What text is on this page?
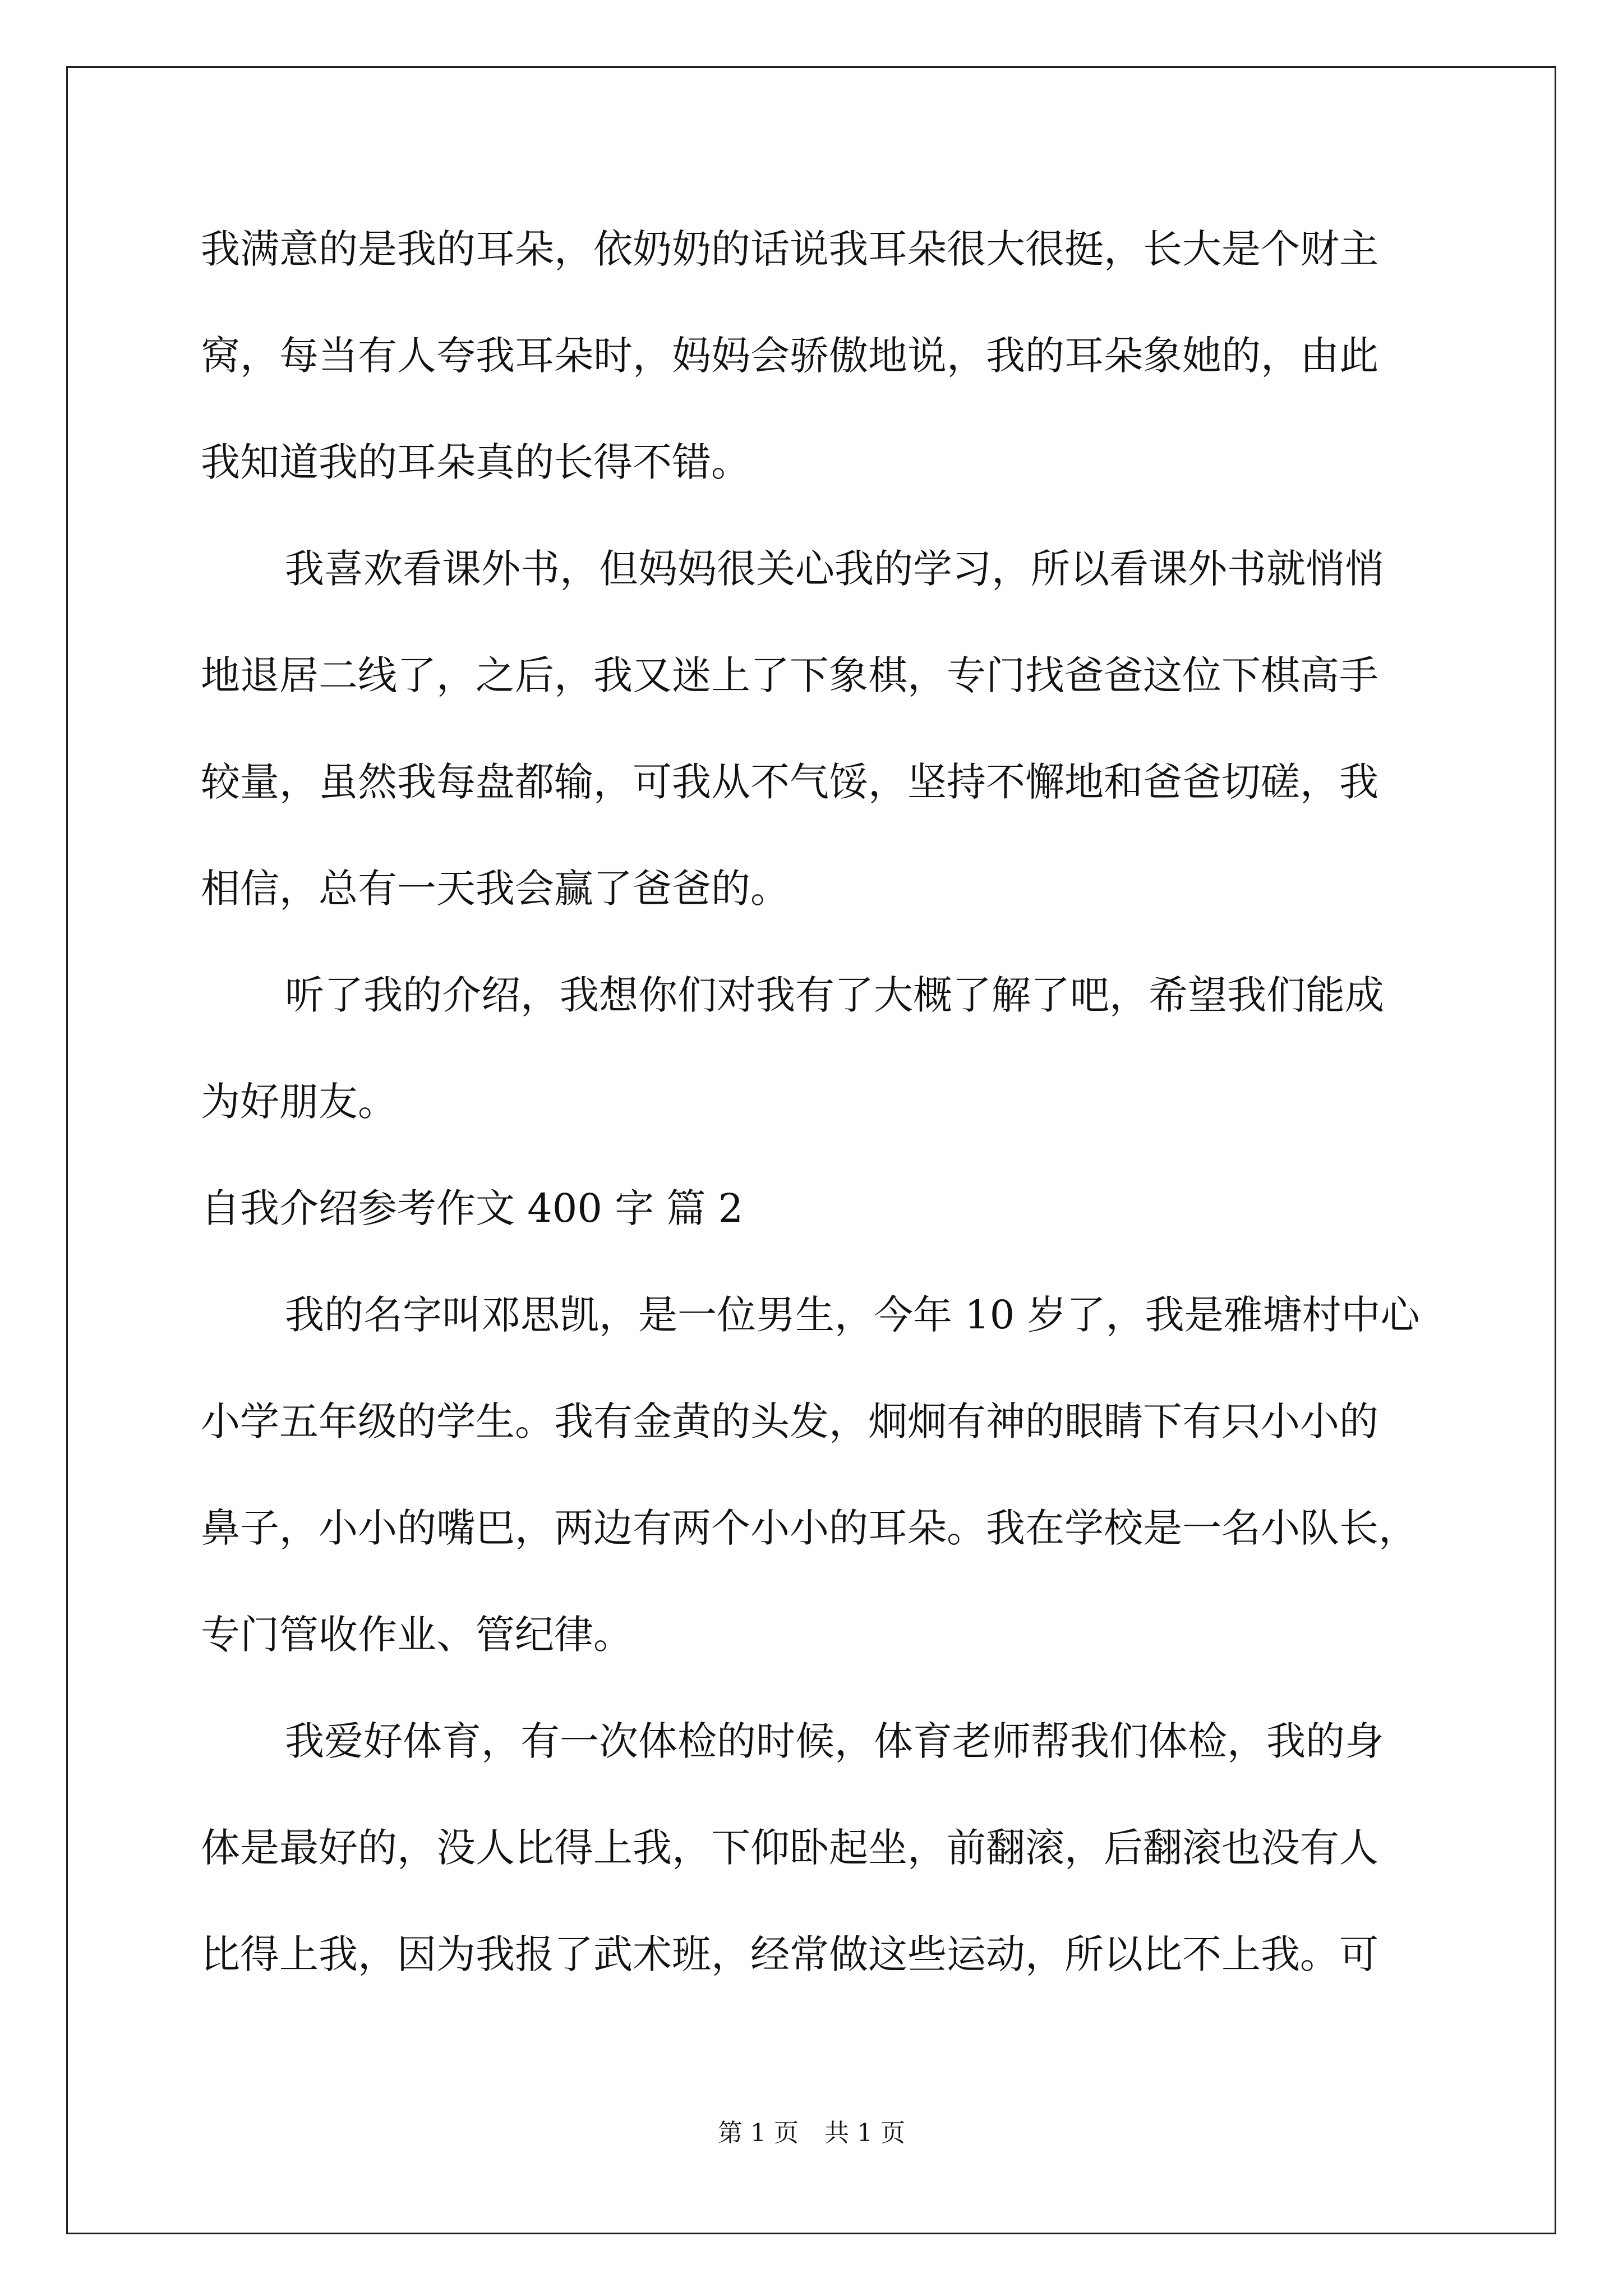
我满意的是我的耳朵，依奶奶的话说我耳朵很大很挺，长大是个财主
窝，每当有人夸我耳朵时，妈妈会骄傲地说，我的耳朵象她的，由此
我知道我的耳朵真的长得不错。
我喜欢看课外书，但妈妈很关心我的学习，所以看课外书就悄悄
地退居二线了，之后，我又迷上了下象棋，专门找爸爸这位下棋高手
较量，虽然我每盘都输，可我从不气馁，坚持不懈地和爸爸切磋，我
相信，总有一天我会赢了爸爸的。
听了我的介绍，我想你们对我有了大概了解了吧，希望我们能成
为好朋友。
自我介绍参考作文 400 字 篇 2
我的名字叫邓思凯，是一位男生，今年 10 岁了，我是雅塘村中心
小学五年级的学生。我有金黄的头发，炯炯有神的眼睛下有只小小的
鼻子，小小的嘴巴，两边有两个小小的耳朵。我在学校是一名小队长，
专门管收作业、管纪律。
我爱好体育，有一次体检的时候，体育老师帮我们体检，我的身
体是最好的，没人比得上我，下仰卧起坐，前翻滚，后翻滚也没有人
比得上我，因为我报了武术班，经常做这些运动，所以比不上我。可
第 1 页 共 1 页
